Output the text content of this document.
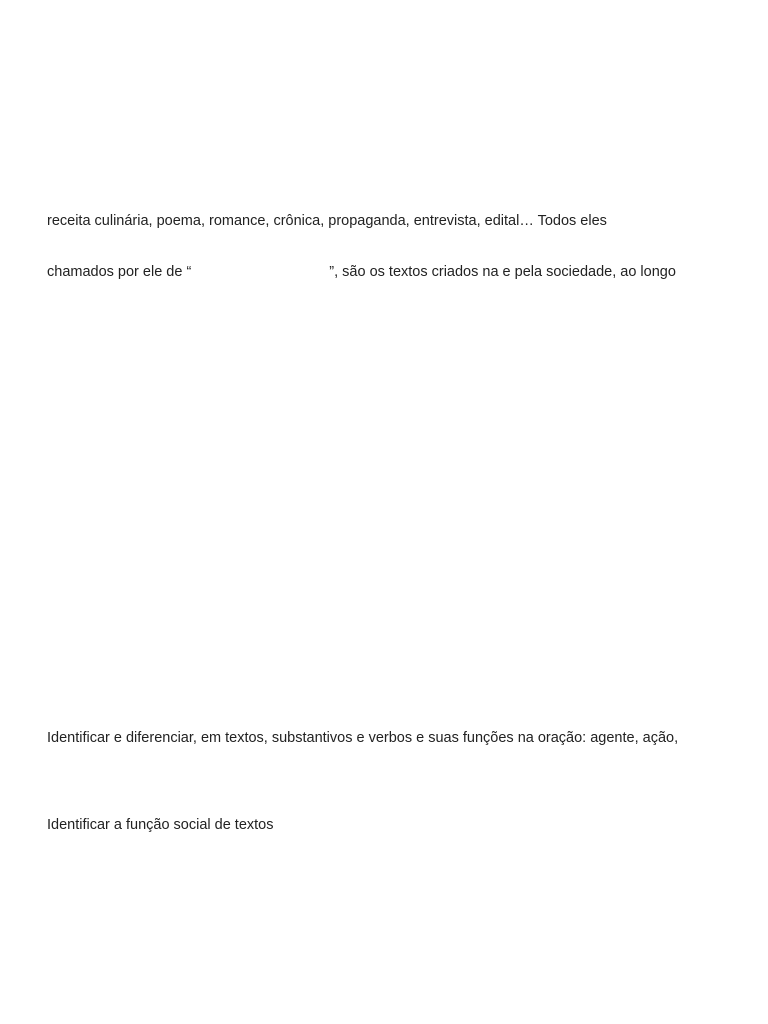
receita culinária, poema, romance, crônica, propaganda, entrevista, edital… Todos eles

chamados por ele de “	”, são os textos criados na e pela sociedade, ao longo

Identificar e diferenciar, em textos, substantivos e verbos e suas funções na oração: agente, ação,

Identificar a função social de textos
